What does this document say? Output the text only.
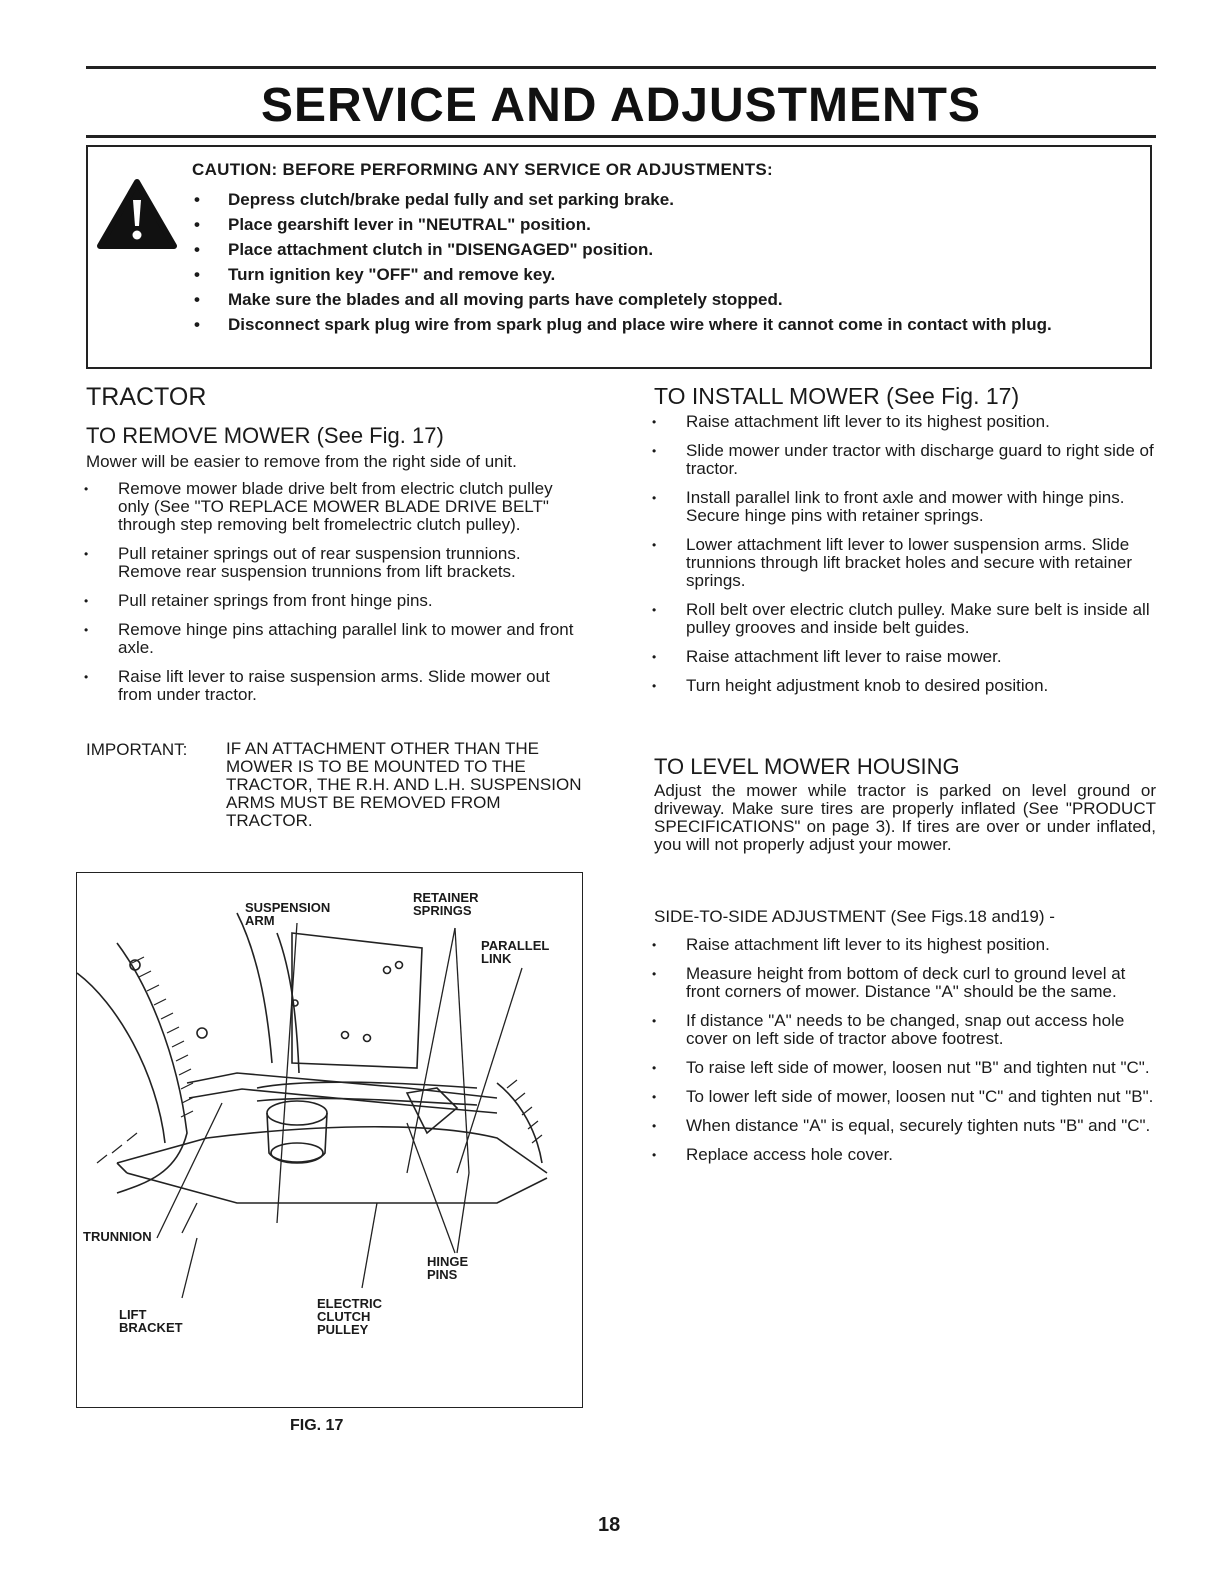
SERVICE AND ADJUSTMENTS
CAUTION: BEFORE PERFORMING ANY SERVICE OR ADJUSTMENTS:
• Depress clutch/brake pedal fully and set parking brake.
• Place gearshift lever in "NEUTRAL" position.
• Place attachment clutch in "DISENGAGED" position.
• Turn ignition key "OFF" and remove key.
• Make sure the blades and all moving parts have completely stopped.
• Disconnect spark plug wire from spark plug and place wire where it cannot come in contact with plug.
TRACTOR
TO REMOVE MOWER (See Fig. 17)

Mower will be easier to remove from the right side of unit.

• Remove mower blade drive belt from electric clutch pulley only (See "TO REPLACE MOWER BLADE DRIVE BELT" through step removing belt fromelectric clutch pulley).
• Pull retainer springs out of rear suspension trunnions. Remove rear suspension trunnions from lift brackets.
• Pull retainer springs from front hinge pins.
• Remove hinge pins attaching parallel link to mower and front axle.
• Raise lift lever to raise suspension arms. Slide mower out from under tractor.
IMPORTANT: IF AN ATTACHMENT OTHER THAN THE MOWER IS TO BE MOUNTED TO THE TRACTOR, THE R.H. AND L.H. SUSPENSION ARMS MUST BE REMOVED FROM TRACTOR.
SUSPENSION ARM
RETAINER SPRINGS
PARALLEL LINK
TRUNNION
HINGE PINS
LIFT BRACKET
ELECTRIC CLUTCH PULLEY
FIG. 17
TO INSTALL MOWER (See Fig. 17)
• Raise attachment lift lever to its highest position.
• Slide mower under tractor with discharge guard to right side of tractor.
• Install parallel link to front axle and mower with hinge pins. Secure hinge pins with retainer springs.
• Lower attachment lift lever to lower suspension arms. Slide trunnions through lift bracket holes and secure with retainer springs.
• Roll belt over electric clutch pulley. Make sure belt is inside all pulley grooves and inside belt guides.
• Raise attachment lift lever to raise mower.
• Turn height adjustment knob to desired position.
TO LEVEL MOWER HOUSING

Adjust the mower while tractor is parked on level ground or driveway. Make sure tires are properly inflated (See "PRODUCT SPECIFICATIONS" on page 3). If tires are over or under inflated, you will not properly adjust your mower.

SIDE-TO-SIDE ADJUSTMENT (See Figs.18 and19) -

• Raise attachment lift lever to its highest position.
• Measure height from bottom of deck curl to ground level at front corners of mower. Distance "A" should be the same.
• If distance "A" needs to be changed, snap out access hole cover on left side of tractor above footrest.
• To raise left side of mower, loosen nut "B" and tighten nut "C".
• To lower left side of mower, loosen nut "C" and tighten nut "B".
• When distance "A" is equal, securely tighten nuts "B" and "C".
• Replace access hole cover.
18
